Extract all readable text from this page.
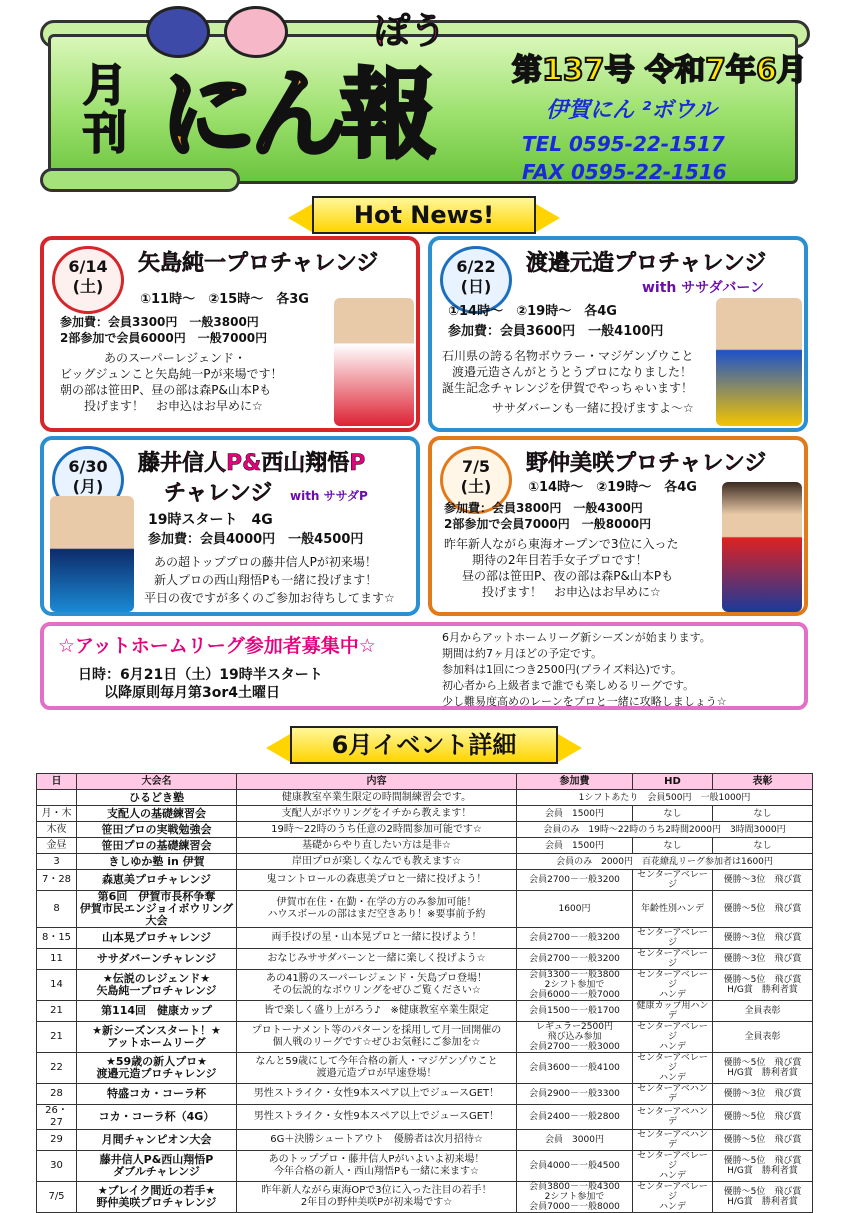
月刊 にん報
ぽう
第137号 令和7年6月
伊賀にん ²ボウル
TEL 0595-22-1517
FAX 0595-22-1516
Hot News!
6/14
(土)
矢島純一プロチャレンジ
①11時～　②15時～　各3G
参加費：会員3300円　一般3800円
2部参加で会員6000円　一般7000円
あのスーパーレジェンド・
ビッグジュンこと矢島純一Pが来場です！
朝の部は笹田P、昼の部は森P&山本Pも
投げます！　お申込はお早めに☆
6/22
(日)
渡邉元造プロチャレンジ
with ササダバーン
①14時～　②19時～　各4G
参加費：会員3600円　一般4100円
石川県の誇る名物ボウラー・マジゲンゾウこと
渡邉元造さんがとうとうプロになりました！
誕生記念チャレンジを伊賀でやっちゃいます！
ササダバーンも一緒に投げますよ～☆
6/30
(月)
藤井信人P&西山翔悟P
チャレンジ with ササダP
19時スタート　4G
参加費：会員4000円　一般4500円
あの超トッププロの藤井信人Pが初来場！
新人プロの西山翔悟Pも一緒に投げます！
平日の夜ですが多くのご参加お待ちしてます☆
7/5
(土)
野仲美咲プロチャレンジ
①14時～　②19時～　各4G
参加費：会員3800円　一般4300円
2部参加で会員7000円　一般8000円
昨年新人ながら東海オープンで3位に入った
期待の2年目若手女子プロです！
昼の部は笹田P、夜の部は森P&山本Pも
投げます！　お申込はお早めに☆
☆アットホームリーグ参加者募集中☆
日時：6月21日（土）19時半スタート
以降原則毎月第3or4土曜日
6月からアットホームリーグ新シーズンが始まります。
期間は約7ヶ月ほどの予定です。
参加料は1回につき2500円(プライズ料込)です。
初心者から上級者まで誰でも楽しめるリーグです。
少し難易度高めのレーンをプロと一緒に攻略しましょう☆
6月イベント詳細
日	大会名	内容	参加費	HD	表彰
	ひるどき塾	健康教室卒業生限定の時間制練習会です。	1シフトあたり　会員500円　一般1000円		
月・木	支配人の基礎練習会	支配人がボウリングをイチから教えます！	会員　1500円	なし	なし
木夜	笹田プロの実戦勉強会	19時～22時のうち任意の2時間参加可能です☆	会員のみ　19時～22時のうち2時間2000円　3時間3000円		
金昼	笹田プロの基礎練習会	基礎からやり直したい方は是非☆	会員　1500円	なし	なし
3	きしゆか塾 in 伊賀	岸田プロが楽しくなんでも教えます☆	会員のみ　2000円　百花繚乱リーグ参加者は1600円		
7・28	森恵美プロチャレンジ	鬼コントロールの森恵美プロと一緒に投げよう！	会員2700－一般3200	センターアベレージ	優勝～3位　飛び賞
8	第6回　伊賀市長杯争奪
伊賀市民エンジョイボウリング大会	伊賀市在住・在勤・在学の方のみ参加可能！
ハウスボールの部はまだ空きあり！※要事前予約	1600円	年齢性別ハンデ	優勝～5位　飛び賞
8・15	山本晃プロチャレンジ	両手投げの星・山本晃プロと一緒に投げよう！	会員2700－一般3200	センターアベレージ	優勝～3位　飛び賞
11	ササダバーンチャレンジ	おなじみササダバーンと一緒に楽しく投げよう☆	会員2700－一般3200	センターアベレージ	優勝～3位　飛び賞
14	★伝説のレジェンド★
矢島純一プロチャレンジ	あの41勝のスーパーレジェンド・矢島プロ登場！
その伝説的なボウリングをぜひご覧ください☆	会員3300－一般3800
2シフト参加で
会員6000－一般7000	センターアベレージ
ハンデ	優勝～5位　飛び賞
H/G賞　勝利者賞
21	第114回　健康カップ	皆で楽しく盛り上がろう♪　※健康教室卒業生限定	会員1500－一般1700	健康カップ用ハンデ	全員表彰
21	★新シーズンスタート！★
アットホームリーグ	プロトーナメント等のパターンを採用して月一回開催の
個人戦のリーグです☆ぜひお気軽にご参加を☆	レギュラー2500円
飛び込み参加
会員2700－一般3000	センターアベレージ
ハンデ	全員表彰
22	★59歳の新人プロ★
渡邉元造プロチャレンジ	なんと59歳にして今年合格の新人・マジゲンゾウこと
渡邉元造プロが早速登場！	会員3600－一般4100	センターアベレージ
ハンデ	優勝～5位　飛び賞
H/G賞　勝利者賞
28	特盛コカ・コーラ杯	男性ストライク・女性9本スペア以上でジュースGET！	会員2900－一般3300	センターアベハンデ	優勝～3位　飛び賞
26・27	コカ・コーラ杯（4G）	男性ストライク・女性9本スペア以上でジュースGET！	会員2400－一般2800	センターアベハンデ	優勝～5位　飛び賞
29	月間チャンピオン大会	6G＋決勝シュートアウト　優勝者は次月招待☆	会員　3000円	センターアベハンデ	優勝～5位　飛び賞
30	藤井信人P&西山翔悟P
ダブルチャレンジ	あのトッププロ・藤井信人Pがいよいよ初来場！
今年合格の新人・西山翔悟Pも一緒に来ます☆	会員4000－一般4500	センターアベレージ
ハンデ	優勝～5位　飛び賞
H/G賞　勝利者賞
7/5	★ブレイク間近の若手★
野仲美咲プロチャレンジ	昨年新人ながら東海OPで3位に入った注目の若手！
2年目の野仲美咲Pが初来場です☆	会員3800－一般4300
2シフト参加で
会員7000－一般8000	センターアベレージ
ハンデ	優勝～5位　飛び賞
H/G賞　勝利者賞
